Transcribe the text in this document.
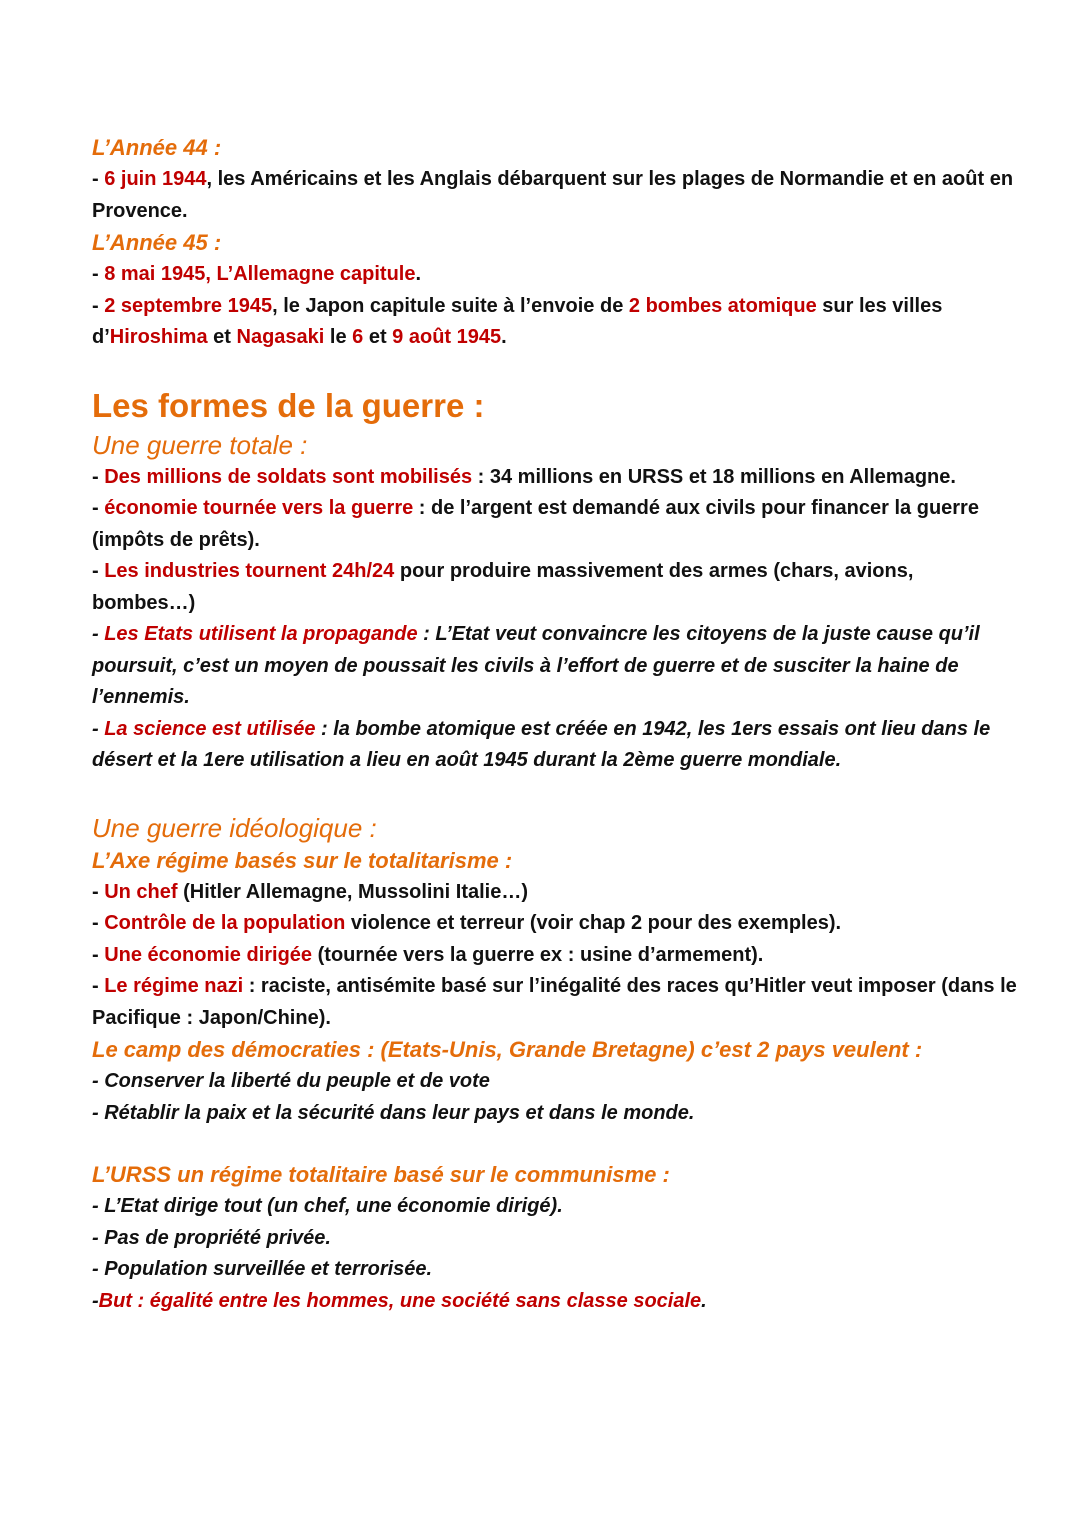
L’Année 44 :
- 6 juin 1944, les Américains et les Anglais débarquent sur les plages de Normandie et en août en Provence.
L’Année 45 :
- 8 mai 1945, L’Allemagne capitule.
- 2 septembre 1945, le Japon capitule suite à l’envoie de 2 bombes atomique sur les villes d’Hiroshima et Nagasaki le 6 et 9 août 1945.
Les formes de la guerre :
Une guerre totale :
- Des millions de soldats sont mobilisés : 34 millions en URSS et 18 millions en Allemagne.
- économie tournée vers la guerre : de l’argent est demandé aux civils pour financer la guerre (impôts de prêts).
- Les industries tournent 24h/24 pour produire massivement des armes (chars, avions, bombes…)
- Les Etats utilisent la propagande : L’Etat veut convaincre les citoyens de la juste cause qu’il poursuit, c’est un moyen de poussait les civils à l’effort de guerre et de susciter la haine de l’ennemis.
- La science est utilisée : la bombe atomique est créée en 1942, les 1ers essais ont lieu dans le désert et la 1ere utilisation a lieu en août 1945 durant la 2ème guerre mondiale.
Une guerre idéologique :
L’Axe régime basés sur le totalitarisme :
- Un chef (Hitler Allemagne, Mussolini Italie…)
- Contrôle de la population violence et terreur (voir chap 2 pour des exemples).
- Une économie dirigée (tournée vers la guerre ex : usine d’armement).
- Le régime nazi : raciste, antisémite basé sur l’inégalité des races qu’Hitler veut imposer (dans le Pacifique : Japon/Chine).
Le camp des démocraties : (Etats-Unis, Grande Bretagne) c’est 2 pays veulent :
- Conserver la liberté du peuple et de vote
- Rétablir la paix et la sécurité dans leur pays et dans le monde.
L’URSS un régime totalitaire basé sur le communisme :
- L’Etat dirige tout (un chef, une économie dirigé).
- Pas de propriété privée.
- Population surveillée et terrorisée.
-But : égalité entre les hommes, une société sans classe sociale.
